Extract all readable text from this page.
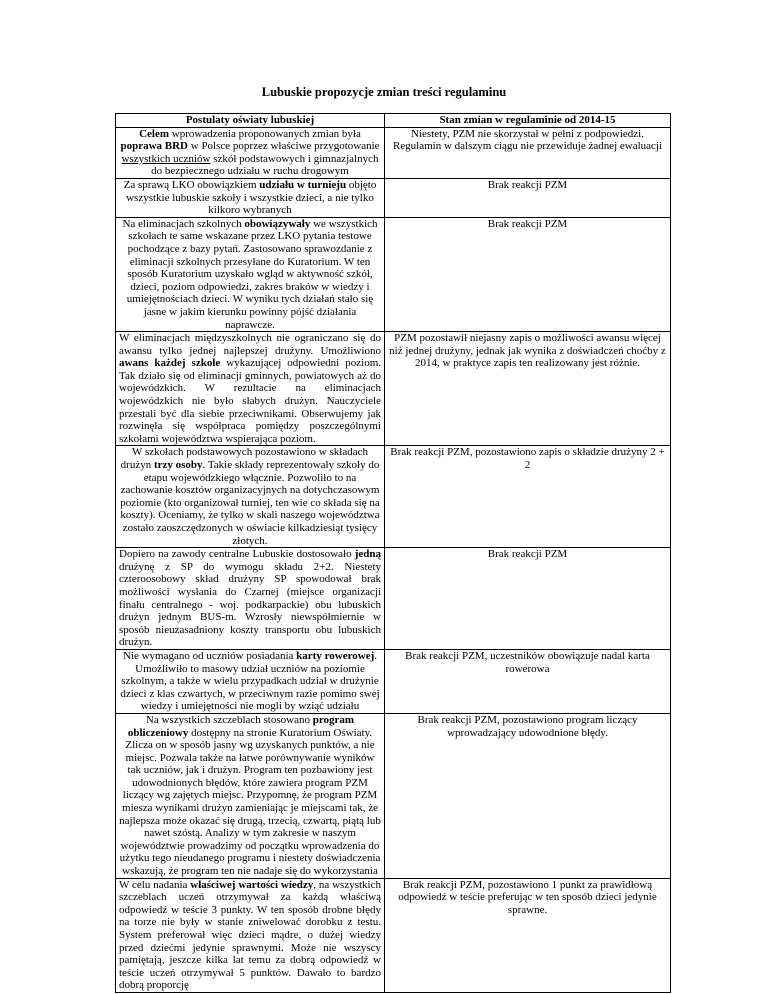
Lubuskie propozycje zmian treści regulaminu
Postulaty oświaty lubuskiej	Stan zmian w regulaminie od 2014-15
Celem wprowadzenia proponowanych zmian była poprawa BRD w Polsce poprzez właściwe przygotowanie wszystkich uczniów szkół podstawowych i gimnazjalnych do bezpiecznego udziału w ruchu drogowym	Niestety, PZM nie skorzystał w pełni z podpowiedzi. Regulamin w dalszym ciągu nie przewiduje żadnej ewaluacji
Za sprawą LKO obowiązkiem udziału w turnieju objęto wszystkie lubuskie szkoły i wszystkie dzieci, a nie tylko kilkoro wybranych	Brak reakcji PZM
Na eliminacjach szkolnych obowiązywały we wszystkich szkołach te same wskazane przez LKO pytania testowe pochodzące z bazy pytań. Zastosowano sprawozdanie z eliminacji szkolnych przesyłane do Kuratorium. W ten sposób Kuratorium uzyskało wgląd w aktywność szkół, dzieci, poziom odpowiedzi, zakres braków w wiedzy i umiejętnościach dzieci. W wyniku tych działań stało się jasne w jakim kierunku powinny pójść działania naprawcze.	Brak reakcji PZM
W eliminacjach międzyszkolnych nie ograniczano się do awansu tylko jednej najlepszej drużyny. Umożliwiono awans każdej szkole wykazującej odpowiedni poziom. Tak działo się od eliminacji gminnych, powiatowych aż do wojewódzkich. W rezultacie na eliminacjach wojewódzkich nie było słabych drużyn. Nauczyciele przestali być dla siebie przeciwnikami. Obserwujemy jak rozwinęła się współpraca pomiędzy poszczególnymi szkołami województwa wspierająca poziom.	PZM pozostawił niejasny zapis o możliwości awansu więcej niż jednej drużyny, jednak jak wynika z doświadczeń choćby z 2014, w praktyce zapis ten realizowany jest różnie.
W szkołach podstawowych pozostawiono w składach drużyn trzy osoby. Takie składy reprezentowały szkoły do etapu wojewódzkiego włącznie. Pozwoliło to na zachowanie kosztów organizacyjnych na dotychczasowym poziomie (kto organizował turniej, ten wie co składa się na koszty). Oceniamy, że tylko w skali naszego województwa zostało zaoszczędzonych w oświacie kilkadziesiąt tysięcy złotych.	Brak reakcji PZM, pozostawiono zapis o składzie drużyny 2 + 2
Dopiero na zawody centralne Lubuskie dostosowało jedną drużynę z SP do wymogu składu 2+2. Niestety czteroosobowy skład drużyny SP spowodował brak możliwości wysłania do Czarnej (miejsce organizacji finału centralnego - woj. podkarpackie) obu lubuskich drużyn jednym BUS-m. Wzrosły niewspółmiernie w sposób nieuzasadniony koszty transportu obu lubuskich drużyn.	Brak reakcji PZM
Nie wymagano od uczniów posiadania karty rowerowej. Umożliwiło to masowy udział uczniów na poziomie szkolnym, a także w wielu przypadkach udział w drużynie dzieci z klas czwartych, w przeciwnym razie pomimo swej wiedzy i umiejętności nie mogli by wziąć udziału	Brak reakcji PZM, uczestników obowiązuje nadal karta rowerowa
Na wszystkich szczeblach stosowano program obliczeniowy dostępny na stronie Kuratorium Oświaty. Zlicza on w sposób jasny wg uzyskanych punktów, a nie miejsc. Pozwala także na łatwe porównywanie wyników tak uczniów, jak i drużyn. Program ten pozbawiony jest udowodnionych błędów, które zawiera program PZM liczący wg zajętych miejsc. Przypomnę, że program PZM miesza wynikami drużyn zamieniając je miejscami tak, że najlepsza może okazać się drugą, trzecią, czwartą, piątą lub nawet szóstą. Analizy w tym zakresie w naszym województwie prowadzimy od początku wprowadzenia do użytku tego nieudanego programu i niestety doświadczenia wskazują, że program ten nie nadaje się do wykorzystania	Brak reakcji PZM, pozostawiono program liczący wprowadzający udowodnione błędy.
W celu nadania właściwej wartości wiedzy, na wszystkich szczeblach uczeń otrzymywał za każdą właściwą odpowiedź w teście 3 punkty. W ten sposób drobne błędy na torze nie były w stanie zniwelować dorobku z testu. System preferował więc dzieci mądre, o dużej wiedzy przed dziećmi jedynie sprawnymi. Może nie wszyscy pamiętają, jeszcze kilka lat temu za dobrą odpowiedź w teście uczeń otrzymywał 5 punktów. Dawało to bardzo dobrą proporcję	Brak reakcji PZM, pozostawiono 1 punkt za prawidłową odpowiedź w teście preferując w ten sposób dzieci jedynie sprawne.
